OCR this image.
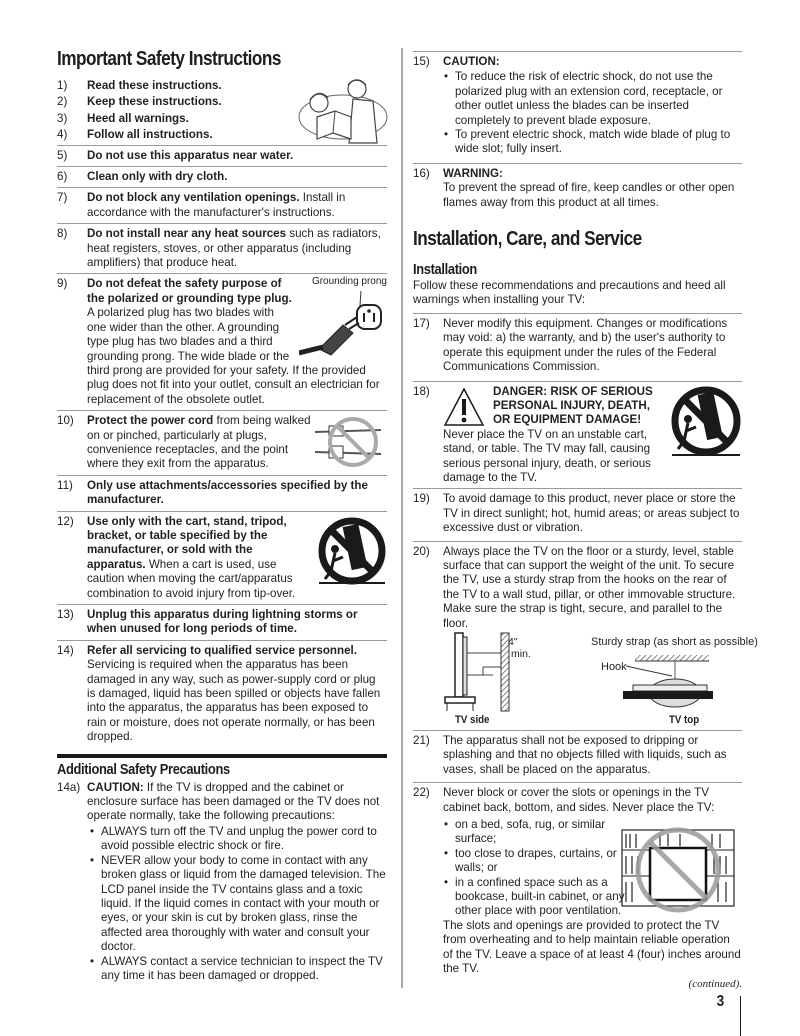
Important Safety Instructions
1)	Read these instructions.
2)	Keep these instructions.
3)	Heed all warnings.
4)	Follow all instructions.
5)	Do not use this apparatus near water.
6)	Clean only with dry cloth.
7)	Do not block any ventilation openings. Install in accordance with the manufacturer's instructions.
8)	Do not install near any heat sources such as radiators, heat registers, stoves, or other apparatus (including amplifiers) that produce heat.
9)	Grounding prong
Do not defeat the safety purpose of the polarized or grounding type plug. A polarized plug has two blades with one wider than the other. A grounding type plug has two blades and a third grounding prong. The wide blade or the third prong are provided for your safety. If the provided plug does not fit into your outlet, consult an electrician for replacement of the obsolete outlet.
10)	Protect the power cord from being walked on or pinched, particularly at plugs, convenience receptacles, and the point where they exit from the apparatus.
11)	Only use attachments/accessories specified by the manufacturer.
12)	Use only with the cart, stand, tripod, bracket, or table specified by the manufacturer, or sold with the apparatus. When a cart is used, use caution when moving the cart/apparatus combination to avoid injury from tip-over.
13)	Unplug this apparatus during lightning storms or when unused for long periods of time.
14)	Refer all servicing to qualified service personnel. Servicing is required when the apparatus has been damaged in any way, such as power-supply cord or plug is damaged, liquid has been spilled or objects have fallen into the apparatus, the apparatus has been exposed to rain or moisture, does not operate normally, or has been dropped.
Additional Safety Precautions
14a) CAUTION: If the TV is dropped and the cabinet or enclosure surface has been damaged or the TV does not operate normally, take the following precautions:
• ALWAYS turn off the TV and unplug the power cord to avoid possible electric shock or fire.
• NEVER allow your body to come in contact with any broken glass or liquid from the damaged television. The LCD panel inside the TV contains glass and a toxic liquid. If the liquid comes in contact with your mouth or eyes, or your skin is cut by broken glass, rinse the affected area thoroughly with water and consult your doctor.
• ALWAYS contact a service technician to inspect the TV any time it has been damaged or dropped.
15)	CAUTION:
• To reduce the risk of electric shock, do not use the polarized plug with an extension cord, receptacle, or other outlet unless the blades can be inserted completely to prevent blade exposure.
• To prevent electric shock, match wide blade of plug to wide slot; fully insert.
16)	WARNING:
To prevent the spread of fire, keep candles or other open flames away from this product at all times.
Installation, Care, and Service
Installation
Follow these recommendations and precautions and heed all warnings when installing your TV:
17)	Never modify this equipment. Changes or modifications may void: a) the warranty, and b) the user's authority to operate this equipment under the rules of the Federal Communications Commission.
18)	DANGER: RISK OF SERIOUS PERSONAL INJURY, DEATH, OR EQUIPMENT DAMAGE!
Never place the TV on an unstable cart, stand, or table. The TV may fall, causing serious personal injury, death, or serious damage to the TV.
19)	To avoid damage to this product, never place or store the TV in direct sunlight; hot, humid areas; or areas subject to excessive dust or vibration.
20)	Always place the TV on the floor or a sturdy, level, stable surface that can support the weight of the unit. To secure the TV, use a sturdy strap from the hooks on the rear of the TV to a wall stud, pillar, or other immovable structure. Make sure the strap is tight, secure, and parallel to the floor.
4"
min.
TV side
Sturdy strap (as short as possible)
Hook
TV top
21)	The apparatus shall not be exposed to dripping or splashing and that no objects filled with liquids, such as vases, shall be placed on the apparatus.
22)	Never block or cover the slots or openings in the TV cabinet back, bottom, and sides. Never place the TV:
• on a bed, sofa, rug, or similar surface;
• too close to drapes, curtains, or walls; or
• in a confined space such as a bookcase, built-in cabinet, or any other place with poor ventilation.
The slots and openings are provided to protect the TV from overheating and to help maintain reliable operation of the TV. Leave a space of at least 4 (four) inches around the TV.
(continued).
3
